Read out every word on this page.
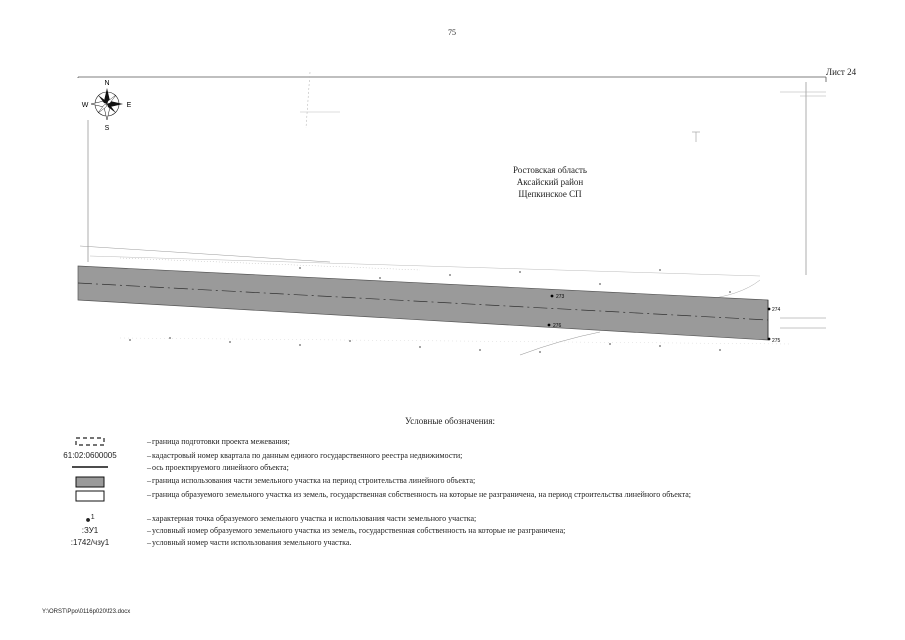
75
Лист 24
273
274
275
276
N
S
W	E
Ростовская область
Аксайский район
Щепкинское СП
Условные обозначения:
– граница подготовки проекта межевания;
61:02:0600005	– кадастровый номер квартала по данным единого государственного реестра недвижимости;
– ось проектируемого линейного объекта;
– граница использования части земельного участка на период строительства линейного объекта;
– граница образуемого земельного участка из земель, государственная собственность на которые не разграничена, на период строительства линейного объекта;
●$^1$	– характерная точка образуемого земельного участка и использования части земельного участка;
:ЗУ1	– условный номер образуемого земельного участка из земель, государственная собственность на которые не разграничена;
:1742/чзу1	– условный номер части использования земельного участка.
Y:\ORST\Ppo\0116p020\f23.docx
